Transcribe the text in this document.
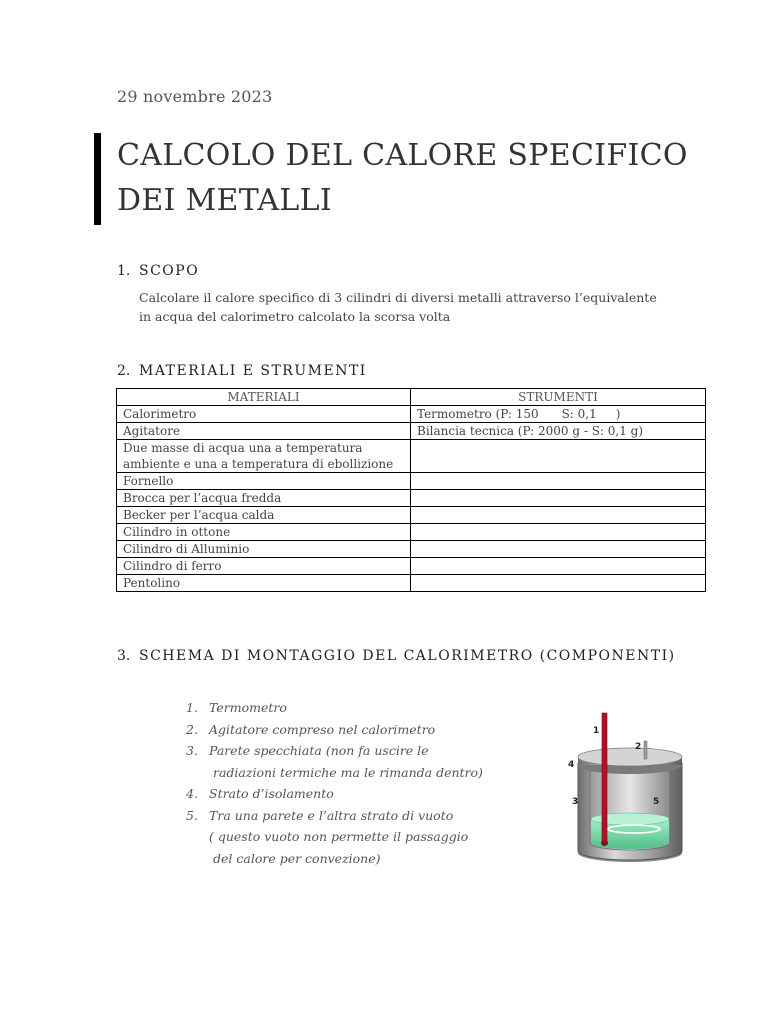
29 novembre 2023
CALCOLO DEL CALORE SPECIFICO
DEI METALLI
1. SCOPO
Calcolare il calore specifico di 3 cilindri di diversi metalli attraverso l’equivalente in acqua del calorimetro calcolato la scorsa volta
2. MATERIALI E STRUMENTI
MATERIALI	STRUMENTI
Calorimetro	Termometro (P: 150      S: 0,1     )
Agitatore	Bilancia tecnica (P: 2000 g - S: 0,1 g)
Due masse di acqua una a temperatura ambiente e una a temperatura di ebollizione	
Fornello	
Brocca per l’acqua fredda	
Becker per l’acqua calda	
Cilindro in ottone	
Cilindro di Alluminio	
Cilindro di ferro	
Pentolino	
3. SCHEMA DI MONTAGGIO DEL CALORIMETRO (COMPONENTI)
1. Termometro
2. Agitatore compreso nel calorimetro
3. Parete specchiata (non fa uscire le
radiazioni termiche ma le rimanda dentro)
4. Strato d’isolamento
5. Tra una parete e l’altra strato di vuoto
( questo vuoto non permette il passaggio
del calore per convezione)
1
2
3
4
5
